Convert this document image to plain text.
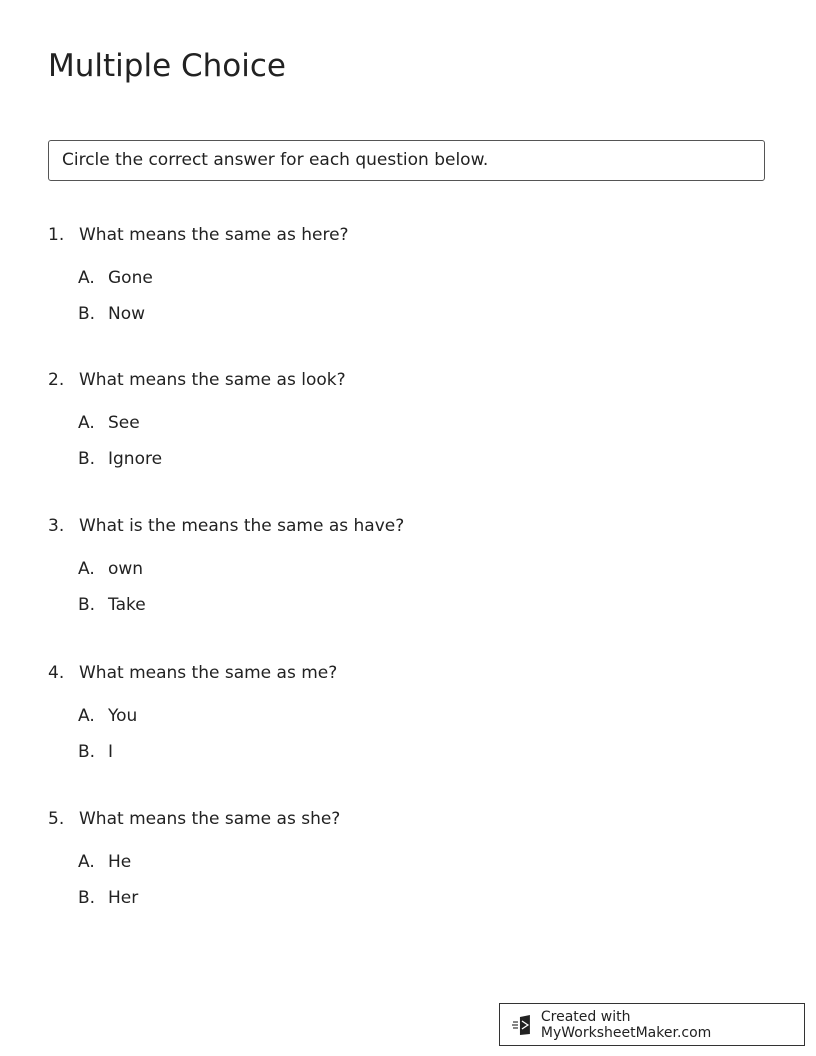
Multiple Choice
Circle the correct answer for each question below.
1. What means the same as here?
A. Gone
B. Now
2. What means the same as look?
A. See
B. Ignore
3. What is the means the same as have?
A. own
B. Take
4. What means the same as me?
A. You
B. I
5. What means the same as she?
A. He
B. Her
Created with MyWorksheetMaker.com
